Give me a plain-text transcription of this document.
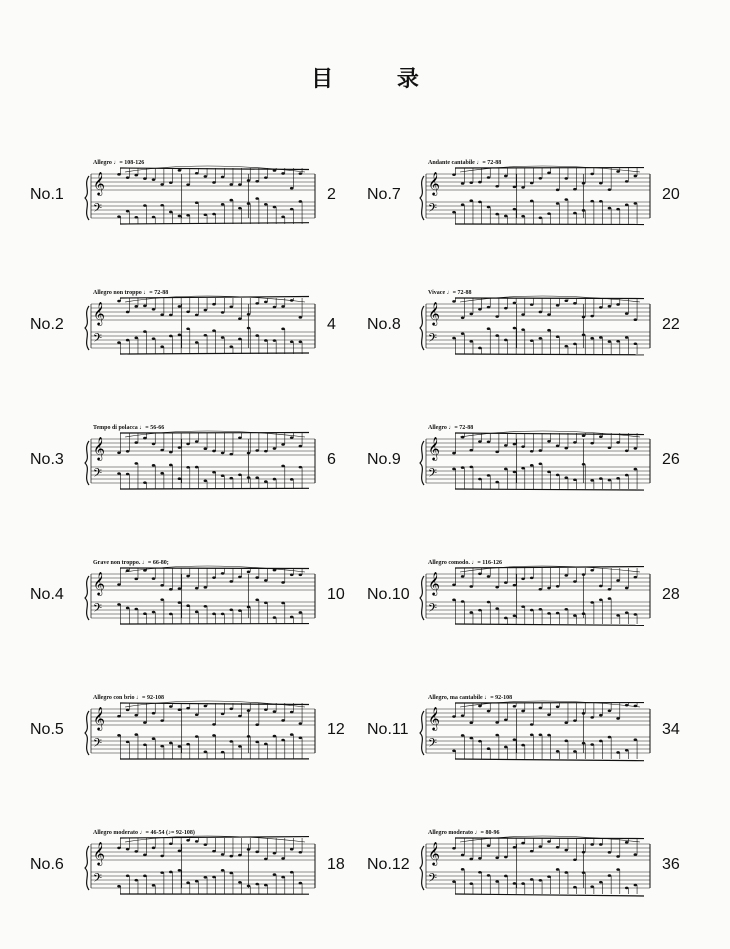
目 录
No.1
Allegro ♩= 108-126
𝄞
𝄢
2
No.2
Allegro non troppo ♩= 72-88
𝄞
𝄢
4
No.3
Tempo di polacca ♩= 56-66
𝄞
𝄢
6
No.4
Grave non troppo. ♩= 66-80;
𝄞
𝄢
10
No.5
Allegro con brio ♩= 92-108
𝄞
𝄢
12
No.6
Allegro moderato ♩= 46-54 (♪= 92-108)
𝄞
𝄢
18
No.7
Andante cantabile ♩= 72-88
𝄞
𝄢
20
No.8
Vivace ♩= 72-88
𝄞
𝄢
22
No.9
Allegro ♩= 72-88
𝄞
𝄢
26
No.10
Allegro comodo. ♩= 116-126
𝄞
𝄢
28
No.11
Allegro, ma cantabile ♩= 92-108
𝄞
𝄢
34
No.12
Allegro moderato ♩= 80-96
𝄞
𝄢
36
